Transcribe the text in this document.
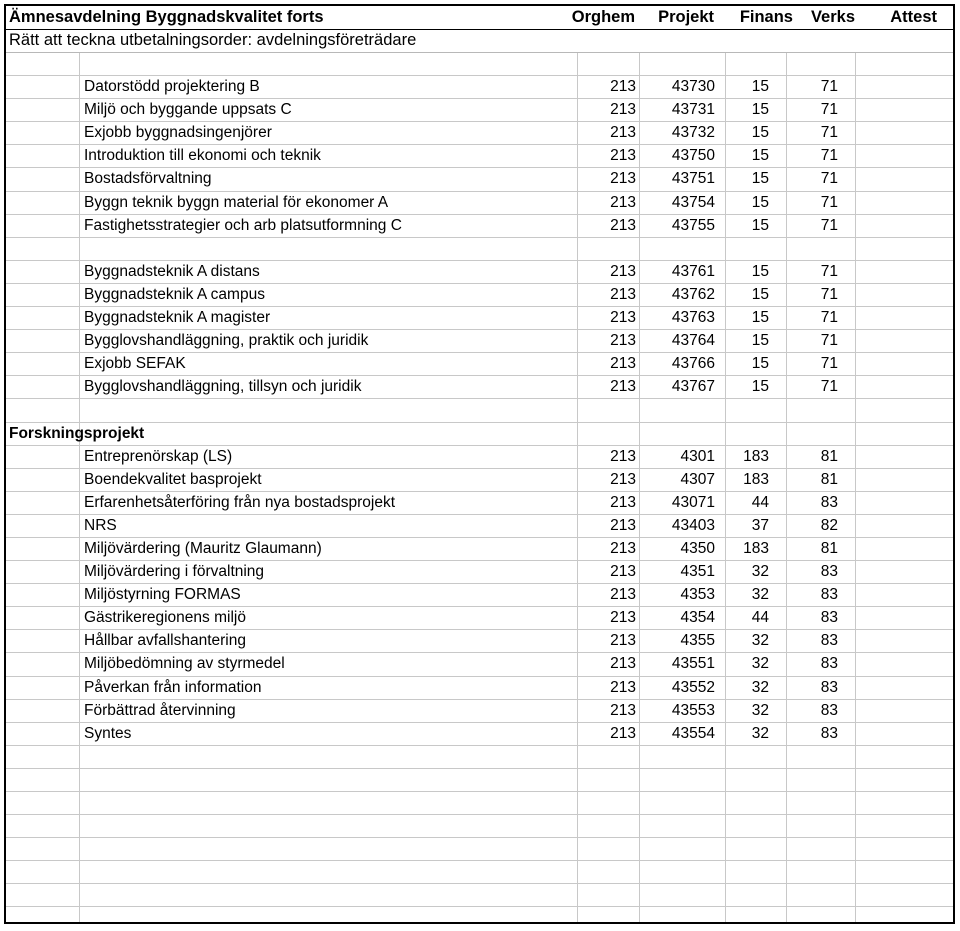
Ämnesavdelning Byggnadskvalitet forts	Orghem Projekt Finans Verks Attest
Rätt att teckna utbetalningsorder: avdelningsföreträdare
Datorstödd projektering B	213 43730 15	71
Miljö och byggande uppsats C	213 43731 15	71
Exjobb byggnadsingenjörer	213 43732 15	71
Introduktion till ekonomi och teknik	213 43750 15	71
Bostadsförvaltning	213 43751 15	71
Byggn teknik byggn material för ekonomer A	213 43754 15	71
Fastighetsstrategier och arb platsutformning C	213 43755 15	71
Byggnadsteknik A distans	213 43761 15	71
Byggnadsteknik A campus	213 43762 15	71
Byggnadsteknik A magister	213 43763 15	71
Bygglovshandläggning, praktik och juridik	213 43764 15	71
Exjobb SEFAK	213 43766 15	71
Bygglovshandläggning, tillsyn och juridik	213 43767 15	71
Forskningsprojekt
Entreprenörskap (LS)	213	4301 183	81
Boendekvalitet basprojekt	213	4307 183	81
Erfarenhetsåterföring från nya bostadsprojekt	213 43071 44	83
NRS	213 43403 37	82
Miljövärdering (Mauritz Glaumann)	213	4350 183	81
Miljövärdering i förvaltning	213	4351 32	83
Miljöstyrning FORMAS	213	4353 32	83
Gästrikeregionens miljö	213	4354 44	83
Hållbar avfallshantering	213	4355 32	83
Miljöbedömning av styrmedel	213 43551 32	83
Påverkan från information	213 43552 32	83
Förbättrad återvinning	213 43553 32	83
Syntes	213 43554 32	83
